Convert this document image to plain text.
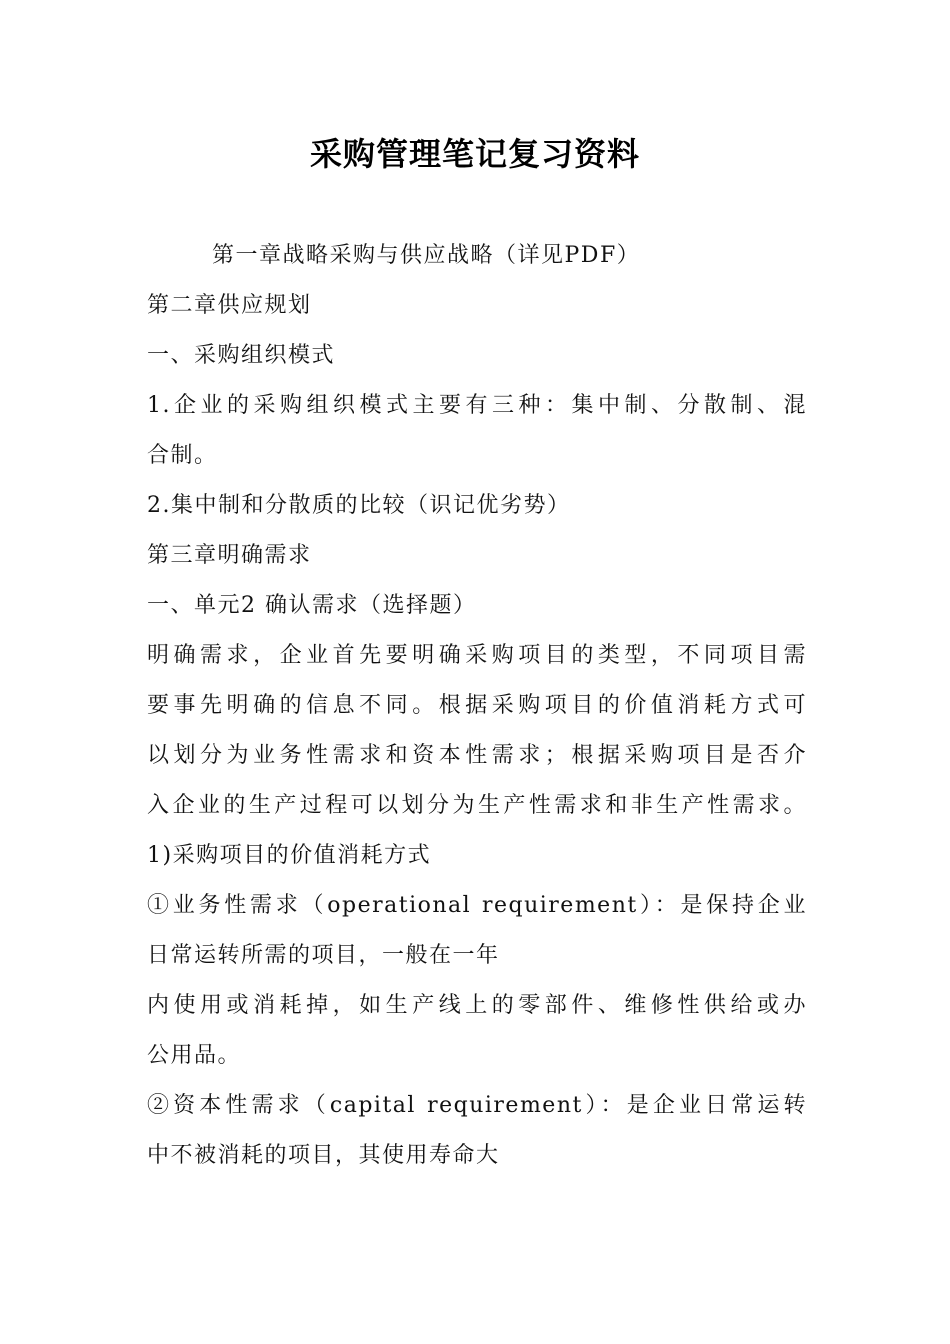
采购管理笔记复习资料
第一章战略采购与供应战略（详见PDF）
第二章供应规划
一、采购组织模式
1.企业的采购组织模式主要有三种：集中制、分散制、混
合制。
2.集中制和分散质的比较（识记优劣势）
第三章明确需求
一、单元2 确认需求（选择题）
明确需求，企业首先要明确采购项目的类型，不同项目需
要事先明确的信息不同。根据采购项目的价值消耗方式可
以划分为业务性需求和资本性需求；根据采购项目是否介
入企业的生产过程可以划分为生产性需求和非生产性需求。
1)采购项目的价值消耗方式
①业务性需求（operational requirement）：是保持企业
日常运转所需的项目，一般在一年
内使用或消耗掉，如生产线上的零部件、维修性供给或办
公用品。
②资本性需求（capital requirement）：是企业日常运转
中不被消耗的项目，其使用寿命大
